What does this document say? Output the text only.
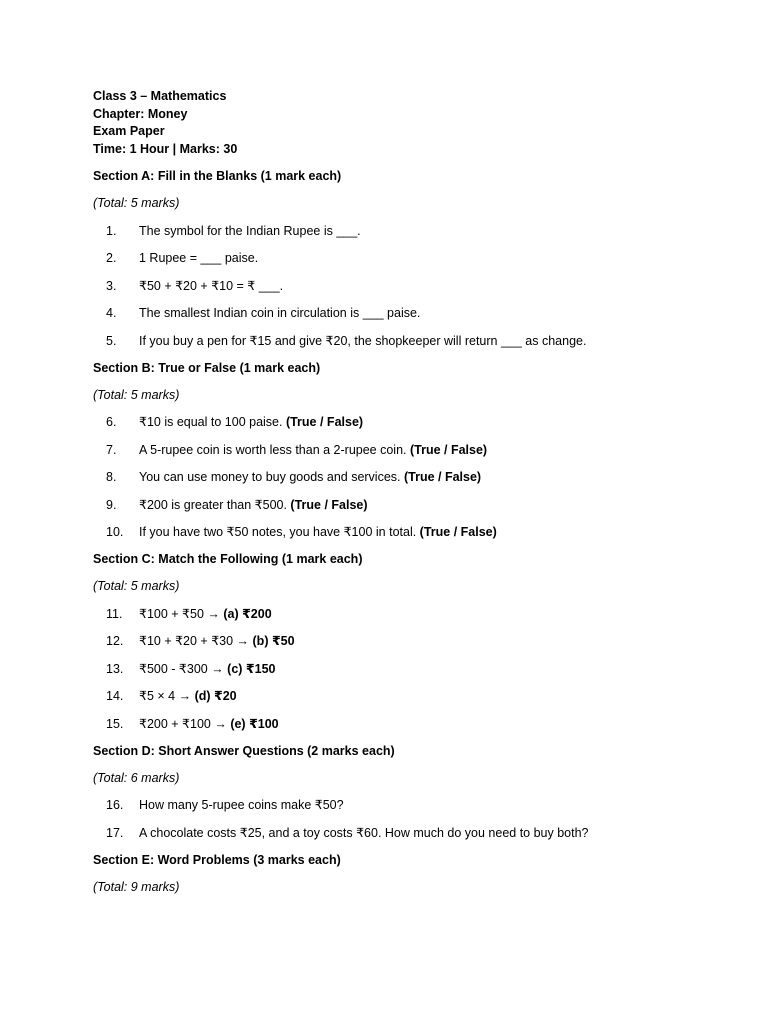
Class 3 – Mathematics

Chapter: Money

Exam Paper

Time: 1 Hour | Marks: 30

Section A: Fill in the Blanks (1 mark each)

(Total: 5 marks)

1.	The symbol for the Indian Rupee is ___.
2.	1 Rupee = ___ paise.
3.	₹50 + ₹20 + ₹10 = ₹ ___.
4.	The smallest Indian coin in circulation is ___ paise.
5.	If you buy a pen for ₹15 and give ₹20, the shopkeeper will return ___ as change.

Section B: True or False (1 mark each)

(Total: 5 marks)

6.	₹10 is equal to 100 paise. (True / False)
7.	A 5-rupee coin is worth less than a 2-rupee coin. (True / False)
8.	You can use money to buy goods and services. (True / False)
9.	₹200 is greater than ₹500. (True / False)
10.	If you have two ₹50 notes, you have ₹100 in total. (True / False)

Section C: Match the Following (1 mark each)

(Total: 5 marks)

11.	₹100 + ₹50 → (a) ₹200
12.	₹10 + ₹20 + ₹30 → (b) ₹50
13.	₹500 - ₹300 → (c) ₹150
14.	₹5 × 4 → (d) ₹20
15.	₹200 + ₹100 → (e) ₹100

Section D: Short Answer Questions (2 marks each)

(Total: 6 marks)

16.	How many 5-rupee coins make ₹50?
17.	A chocolate costs ₹25, and a toy costs ₹60. How much do you need to buy both?

Section E: Word Problems (3 marks each)

(Total: 9 marks)
